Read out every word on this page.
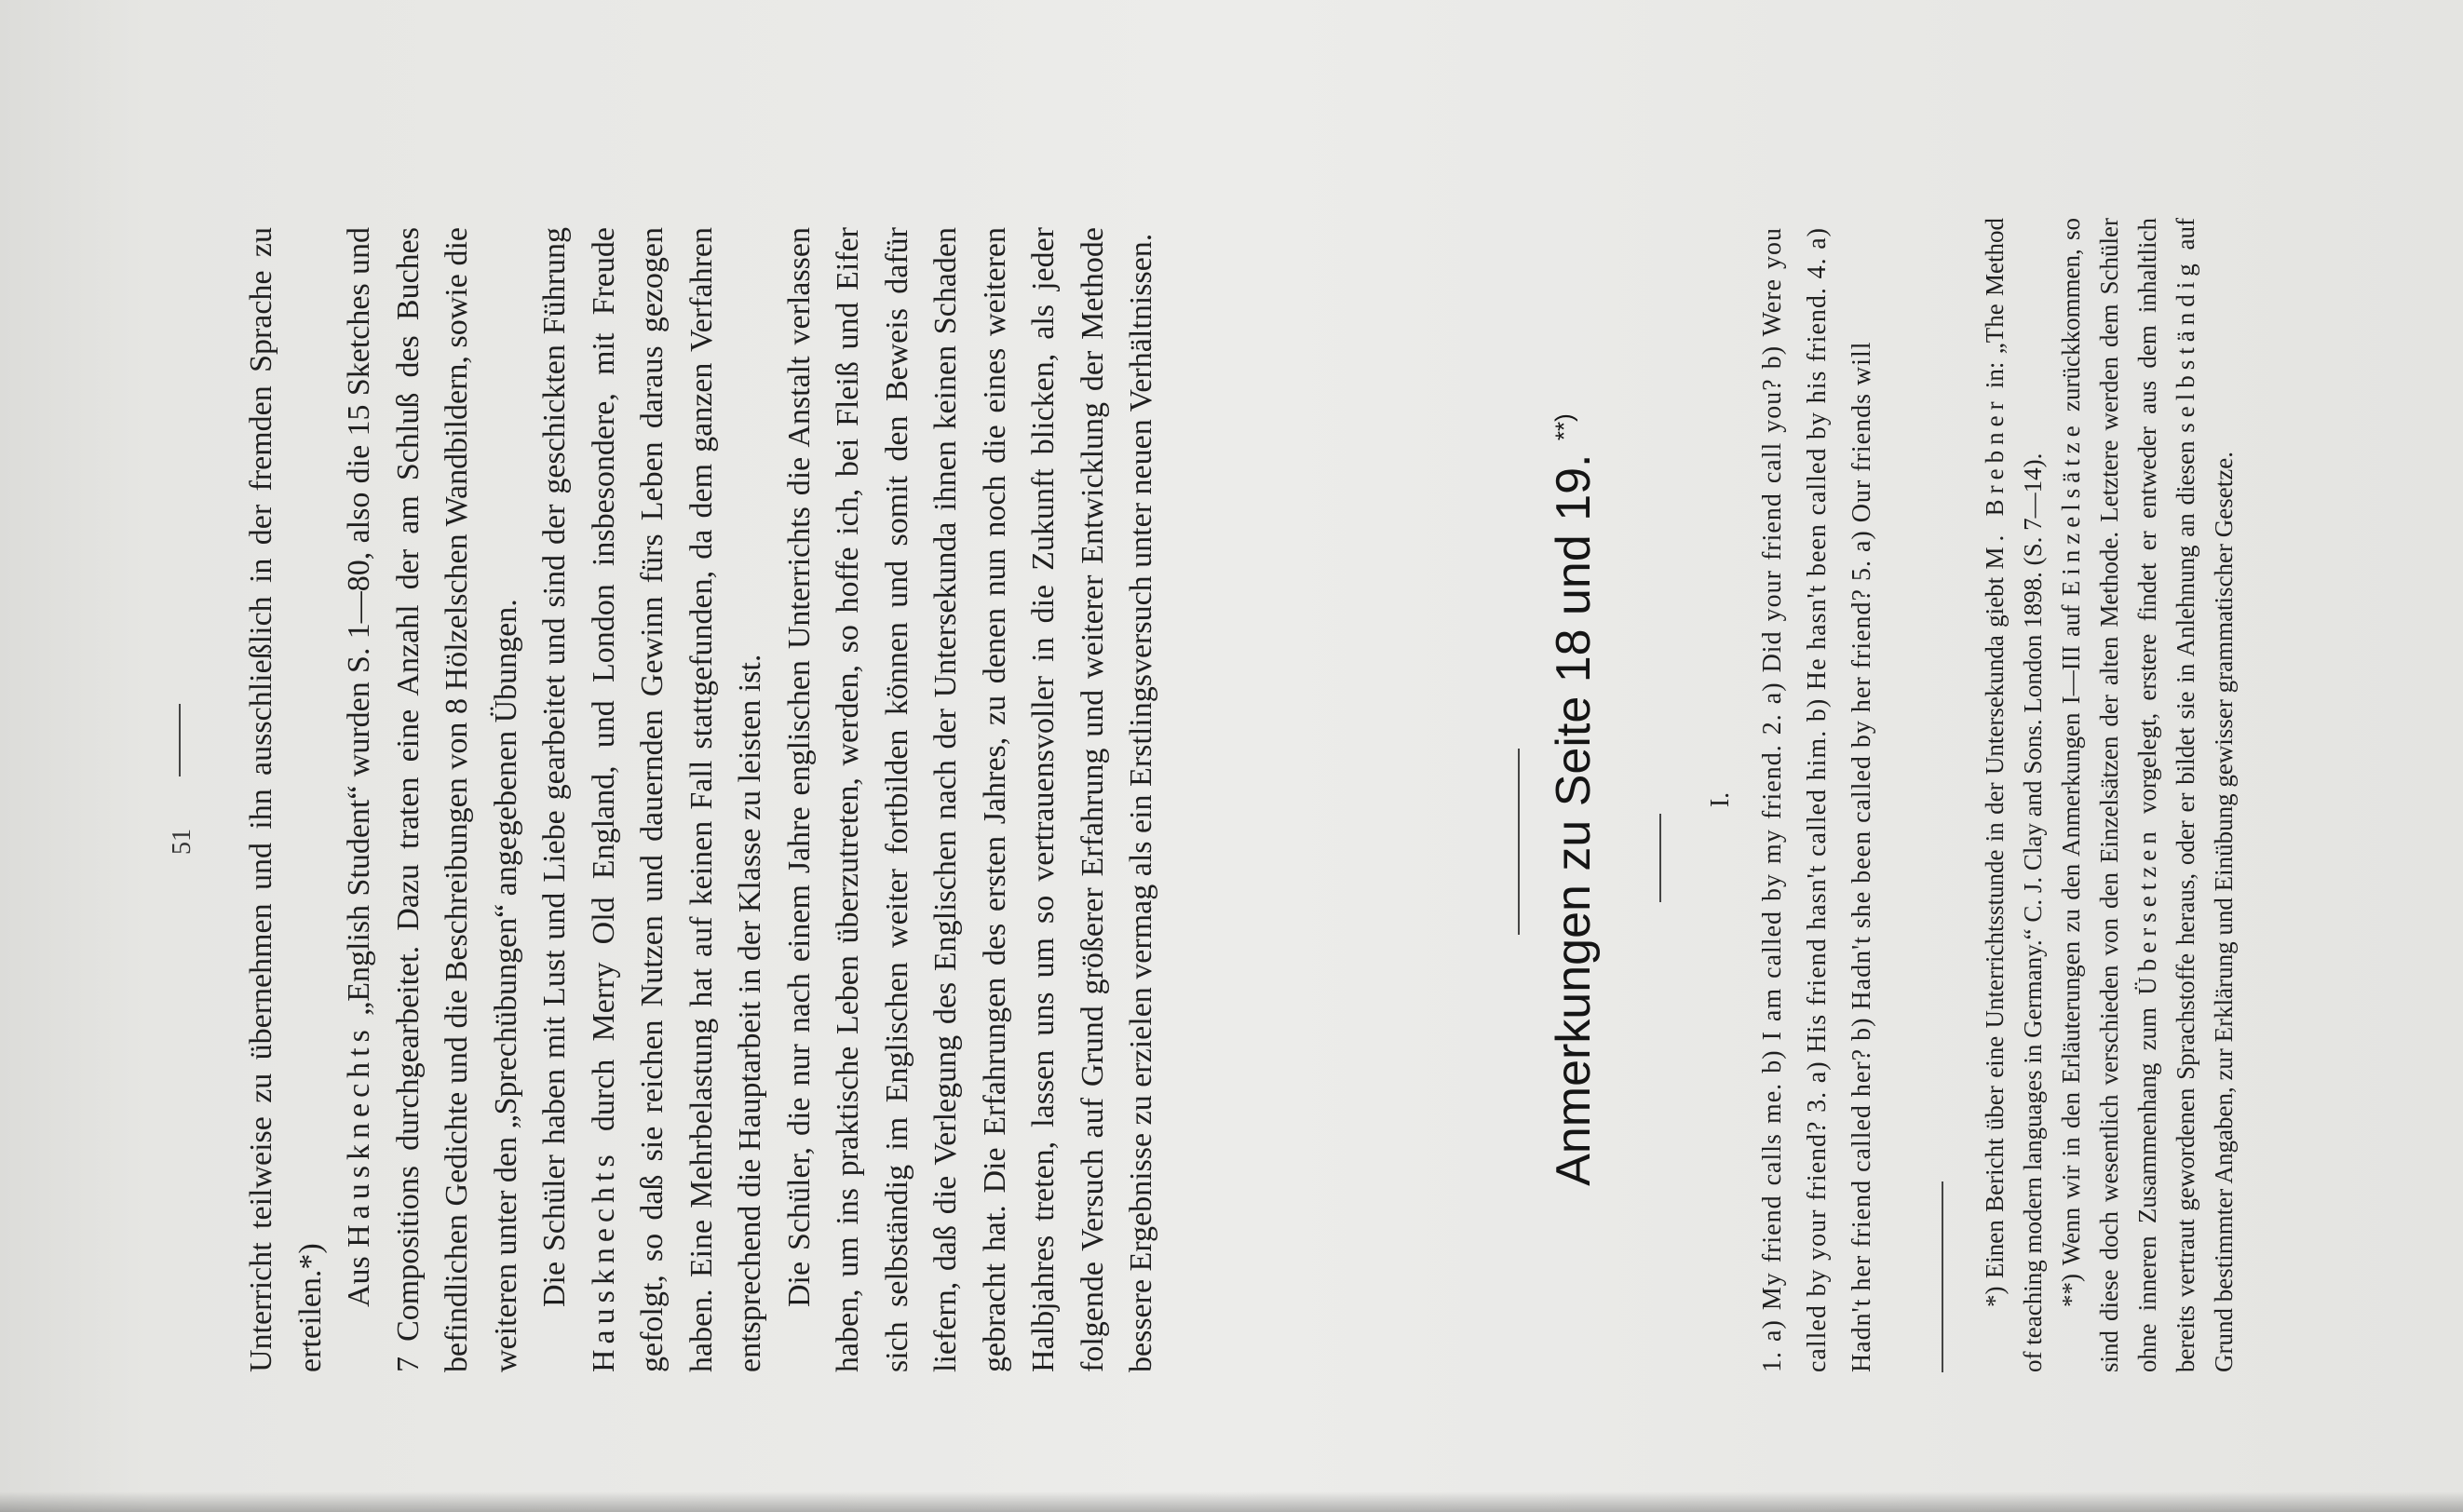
51 Unterricht teilweise zu übernehmen und ihn ausschließlich in der fremden Sprache zu erteilen.*) Aus Hausknechts „English Student“ wurden S. 1—80, also die 15 Sketches und 7 Compositions durchgearbeitet. Dazu traten eine Anzahl der am Schluß des Buches befindlichen Gedichte und die Beschreibungen von 8 Hölzelschen Wandbildern, sowie die weiteren unter den „Sprechübungen“ angegebenen Übungen. Die Schüler haben mit Lust und Liebe gearbeitet und sind der geschickten Führung Hausknechts durch Merry Old England, und London insbesondere, mit Freude gefolgt, so daß sie reichen Nutzen und dauernden Gewinn fürs Leben daraus gezogen haben. Eine Mehrbelastung hat auf keinen Fall stattgefunden, da dem ganzen Verfahren entsprechend die Hauptarbeit in der Klasse zu leisten ist. Die Schüler, die nur nach einem Jahre englischen Unterrichts die Anstalt verlassen haben, um ins praktische Leben überzutreten, werden, so hoffe ich, bei Fleiß und Eifer sich selbständig im Englischen weiter fortbilden können und somit den Beweis dafür liefern, daß die Verlegung des Englischen nach der Untersekunda ihnen keinen Schaden gebracht hat. Die Erfahrungen des ersten Jahres, zu denen nun noch die eines weiteren Halbjahres treten, lassen uns um so vertrauensvoller in die Zukunft blicken, als jeder folgende Versuch auf Grund größerer Erfahrung und weiterer Entwicklung der Methode bessere Ergebnisse zu erzielen vermag als ein Erstlingsversuch unter neuen Verhältnissen.	Anmerkungen zu Seite 18 und 19. **)
I. 1. a) My friend calls me. b) I am called by my friend. 2. a) Did your friend call you? b) Were you called by your friend? 3. a) His friend hasn't called him. b) He hasn't been called by his friend. 4. a) Hadn't her friend called her? b) Hadn't she been called by her friend? 5. a) Our friends will	*) Einen Bericht über eine Unterrichtsstunde in der Untersekunda giebt M. Brebner in: „The Method of teaching modern languages in Germany.“ C. J. Clay and Sons. London 1898. (S. 7—14). **) Wenn wir in den Erläuterungen zu den Anmerkungen I—III auf Einzelsätze zurückkommen, so sind diese doch wesentlich verschieden von den Einzelsätzen der alten Methode. Letztere werden dem Schüler ohne inneren Zusammenhang zum Übersetzen vorgelegt, erstere findet er entweder aus dem inhaltlich bereits vertraut gewordenen Sprachstoffe heraus, oder er bildet sie in Anlehnung an diesen selbständig auf Grund bestimmter Angaben, zur Erklärung und Einübung gewisser grammatischer Gesetze.
